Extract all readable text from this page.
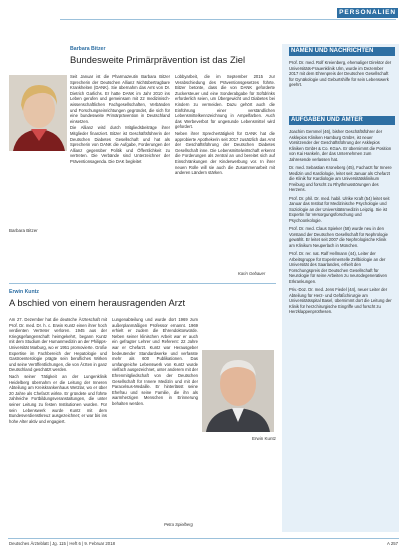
PERSONALIEN
Barbara Bitzer
Bundesweite Primärprävention ist das Ziel
Barbara Bitzer

Seit Januar ist die Pharmazeutin Barbara Bitzer Sprecherin der Deutschen Allianz Nichtübertragbare Krankheiten (DANK). Sie übernahm das Amt von Dr. Dietrich Garlichs. Er hatte DANK im Jahr 2010 ins Leben gerufen und gemeinsam mit 22 medizinisch-wissenschaftlichen Fachgesellschaften, Verbänden und Forschungseinrichtungen gegründet, die sich für eine bundesweite Primärprävention in Deutschland einsetzen.

Die Allianz wird durch Mitgliedsbeiträge ihrer Mitglieder finanziert. Bitzer ist Geschäftsführerin der Deutschen Diabetes Gesellschaft und hat als Sprecherin von DANK die Aufgabe, Forderungen der Allianz gegenüber Politik und Öffentlichkeit zu vertreten. Die Verbände sind Unterzeichner der Präventionsagenda. Die DAK begleitet

Lobbyarbeit, die im September 2015 zur Verabschiedung des Präventionsgesetzes führte. Bitzer betonte, dass die von DANK geforderte Zuckersteuer und eine Sonderabgabe für Softdrinks erforderlich seien, um Übergewicht und Diabetes bei Kindern zu vermeiden. Dazu gehört auch die Einführung einer verständlichen Lebensmittelkennzeichnung in Ampelfarben. Auch das Werbeverbot für ungesunde Lebensmittel wird gefordert.

Neben ihrer Sprechertätigkeit für DANK hat die approbierte Apothekerin seit 2017 zusätzlich das Amt der Geschäftsführung der Deutschen Diabetes Gesellschaft inne. Die Lebensmittelwirtschaft erkennt die Forderungen als zentral an und bereitet sich auf Einschränkungen der Kinderwerbung vor. In ihrer neuen Rolle will sie auch die Zusammenarbeit mit anderen Ländern stärken.

Karin Gebauer
Erwin Kuntz
A bschied von einem herausragenden Arzt

Am 27. Dezember hat die deutsche Ärzteschaft mit Prof. Dr. med. Dr. h. c. Erwin Kuntz einen ihrer hoch verdienten Vertreter verloren. 1945 aus der Kriegsgefangenschaft heimgekehrt, begann Kuntz mit dem Studium der Humanmedizin an der Philipps-Universität Marburg, wo er 1951 promovierte. Große Expertise im Fachbereich der Hepatologie und Gastroenterologie prägte sein berufliches Wirken und seine Veröffentlichungen, die von Ärzten in ganz Deutschland geschätzt werden.

Nach seiner Tätigkeit an der Lungenklinik Heidelberg übernahm er die Leitung der Inneren Abteilung am Kreiskrankenhaus Wetzlar, wo er über 20 Jahre als Chefarzt wirkte. Er gründete und führte zahlreiche Fortbildungsveranstaltungen, die unter seiner Leitung zu festen Institutionen wurden. Für sein Lebenswerk wurde Kuntz mit dem Bundesverdienstkreuz ausgezeichnet; er war bis ins hohe Alter aktiv und engagiert.

Lungenabteilung und wurde dort 1969 zum außerplanmäßigen Professor ernannt. 1969 erhielt er zudem die Ehrendoktorwürde. Neben seiner klinischen Arbeit war er auch ein gefragter Lehrer und Referent: 22 Jahre war er Chefarzt. Kuntz war Herausgeber bedeutender Standardwerke und verfasste mehr als 600 Publikationen. Das umfangreiche Lebenswerk von Kuntz wurde vielfach ausgezeichnet, unter anderem mit der Ehrenmitgliedschaft von der Deutschen Gesellschaft für Innere Medizin und mit der Paracelsus-Medaille. Er hinterlässt seine Ehefrau und seine Familie, die ihn als warmherzigen Menschen in Erinnerung behalten werden.

Petra Spielberg
Erwin Kuntz
NAMEN UND NACHRICHTEN

Prof. Dr. med. Rolf Kreienberg, ehemaliger Direktor der Universitäts-Frauenklinik Ulm, wurde im Dezember 2017 mit dem Ehrenpreis der Deutschen Gesellschaft für Gynäkologie und Geburtshilfe für sein Lebenswerk geehrt.

AUFGABEN UND ÄMTER

Joachim Gemmel (46), bisher Geschäftsführer der Asklepios Kliniken Hamburg GmbH, ist neuer Vorsitzender der Geschäftsführung der Asklepios Kliniken GmbH & Co. KGaA. Er übernimmt die Position von Kai Hankeln, der das Unternehmen zum Jahresende verlassen hat.

Dr. med. Sebastian Kroneberg (45), Facharzt für Innere Medizin und Kardiologie, leitet seit Januar als Chefarzt die Klinik für Kardiologie am Universitätsklinikum Freiburg und forscht zu Rhythmusstörungen des Herzens.

Prof. Dr. phil. Dr. med. habil. Ulrike Kraft (54) leitet seit Januar das Institut für Medizinische Psychologie und Soziologie an der Universitätsmedizin Leipzig. Sie ist Expertin für Versorgungsforschung und Psychoonkologie.

Prof. Dr. med. Claus Spieker (58) wurde neu in den Vorstand der Deutschen Gesellschaft für Nephrologie gewählt. Er leitet seit 2007 die Nephrologische Klinik am Klinikum Neuperlach in München.

Prof. Dr. rer. nat. Ralf Hellmann (44), Leiter der Arbeitsgruppe für Experimentelle Zellbiologie an der Universität des Saarlandes, erhielt den Forschungspreis der Deutschen Gesellschaft für Neurologie für seine Arbeiten zu neurodegenerativen Erkrankungen.

Priv.-Doz. Dr. med. Jens Fiedel (44), neuer Leiter der Abteilung für Herz- und Gefäßchirurgie am Universitätsspital Basel, übernimmt dort die Leitung der Klinik für herzchirurgische Eingriffe und forscht zu Herzklappenprothesen.

Deutsches Ärzteblatt | Jg. 115 | Heft 6 | 9. Februar 2018	A 257
